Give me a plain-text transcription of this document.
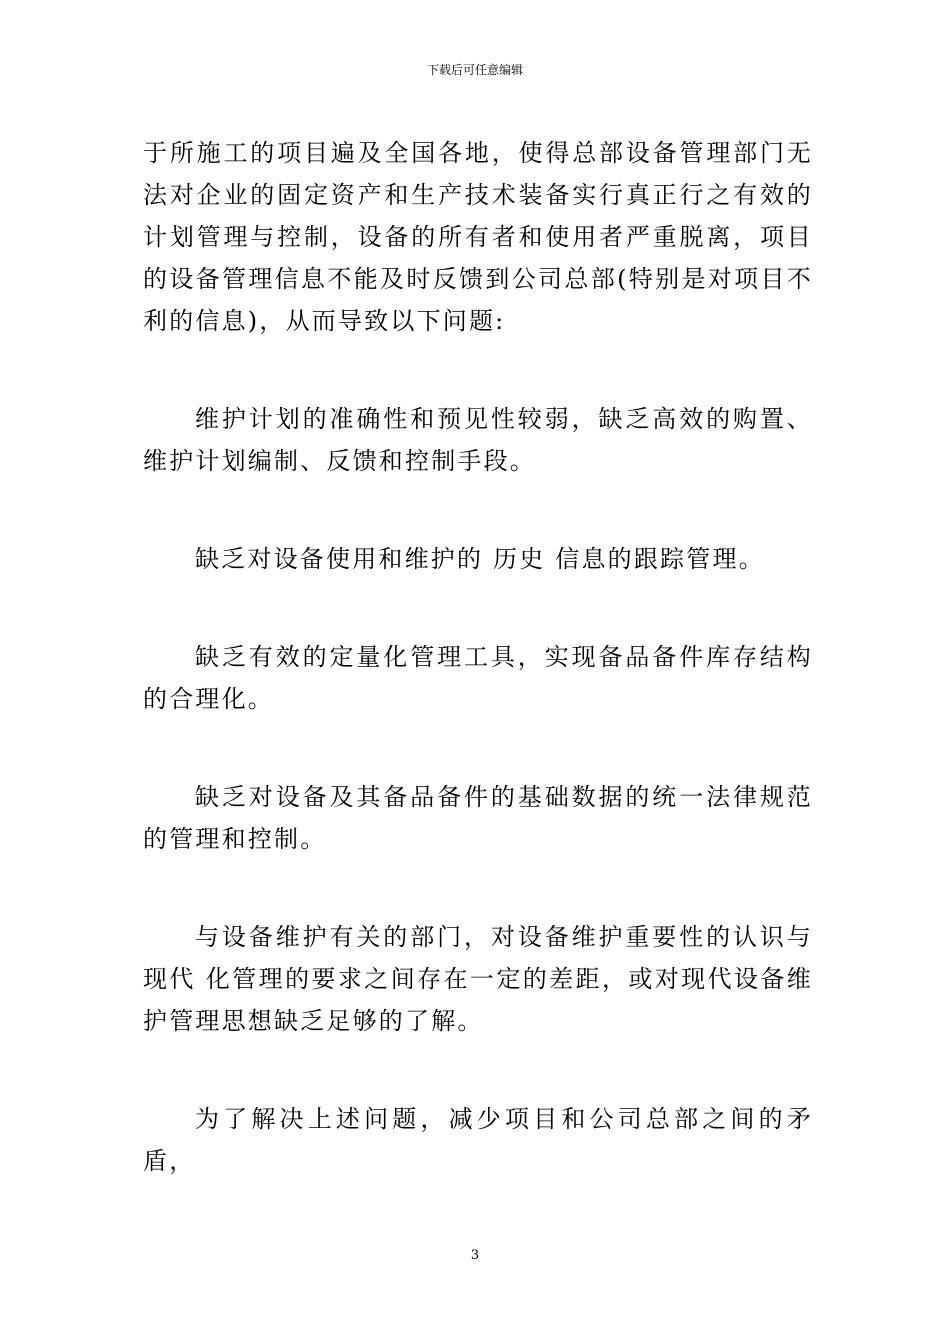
下载后可任意编辑

于所施工的项目遍及全国各地，使得总部设备管理部门无法对企业的固定资产和生产技术装备实行真正行之有效的计划管理与控制，设备的所有者和使用者严重脱离，项目的设备管理信息不能及时反馈到公司总部(特别是对项目不利的信息)，从而导致以下问题:

维护计划的准确性和预见性较弱，缺乏高效的购置、维护计划编制、反馈和控制手段。

缺乏对设备使用和维护的 历史 信息的跟踪管理。

缺乏有效的定量化管理工具，实现备品备件库存结构的合理化。

缺乏对设备及其备品备件的基础数据的统一法律规范的管理和控制。

与设备维护有关的部门，对设备维护重要性的认识与现代 化管理的要求之间存在一定的差距，或对现代设备维护管理思想缺乏足够的了解。

为了解决上述问题，减少项目和公司总部之间的矛盾，

3
